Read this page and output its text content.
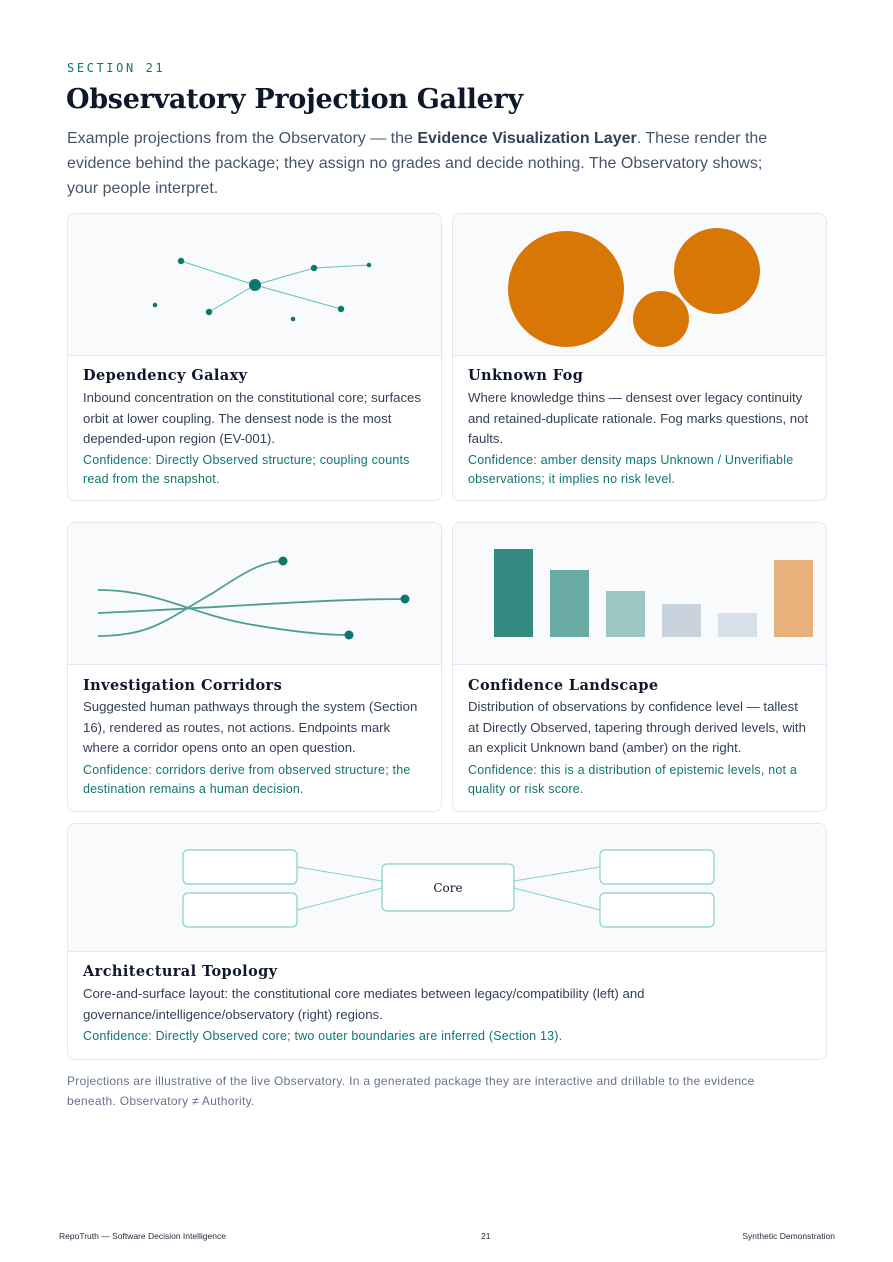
SECTION 21
Observatory Projection Gallery

Example projections from the Observatory — the Evidence Visualization Layer. These render the evidence behind the package; they assign no grades and decide nothing. The Observatory shows; your people interpret.

Dependency Galaxy

Inbound concentration on the constitutional core; surfaces orbit at lower coupling. The densest node is the most depended-upon region (EV-001).

Confidence: Directly Observed structure; coupling counts read from the snapshot.

Unknown Fog

Where knowledge thins — densest over legacy continuity and retained-duplicate rationale. Fog marks questions, not faults.

Confidence: amber density maps Unknown / Unverifiable observations; it implies no risk level.

Investigation Corridors

Suggested human pathways through the system (Section 16), rendered as routes, not actions. Endpoints mark where a corridor opens onto an open question.

Confidence: corridors derive from observed structure; the destination remains a human decision.

Confidence Landscape

Distribution of observations by confidence level — tallest at Directly Observed, tapering through derived levels, with an explicit Unknown band (amber) on the right.

Confidence: this is a distribution of epistemic levels, not a quality or risk score.

Core
Architectural Topology

Core-and-surface layout: the constitutional core mediates between legacy/compatibility (left) and governance/intelligence/observatory (right) regions.

Confidence: Directly Observed core; two outer boundaries are inferred (Section 13).

Projections are illustrative of the live Observatory. In a generated package they are interactive and drillable to the evidence beneath. Observatory ≠ Authority.
RepoTruth — Software Decision Intelligence	21	Synthetic Demonstration
